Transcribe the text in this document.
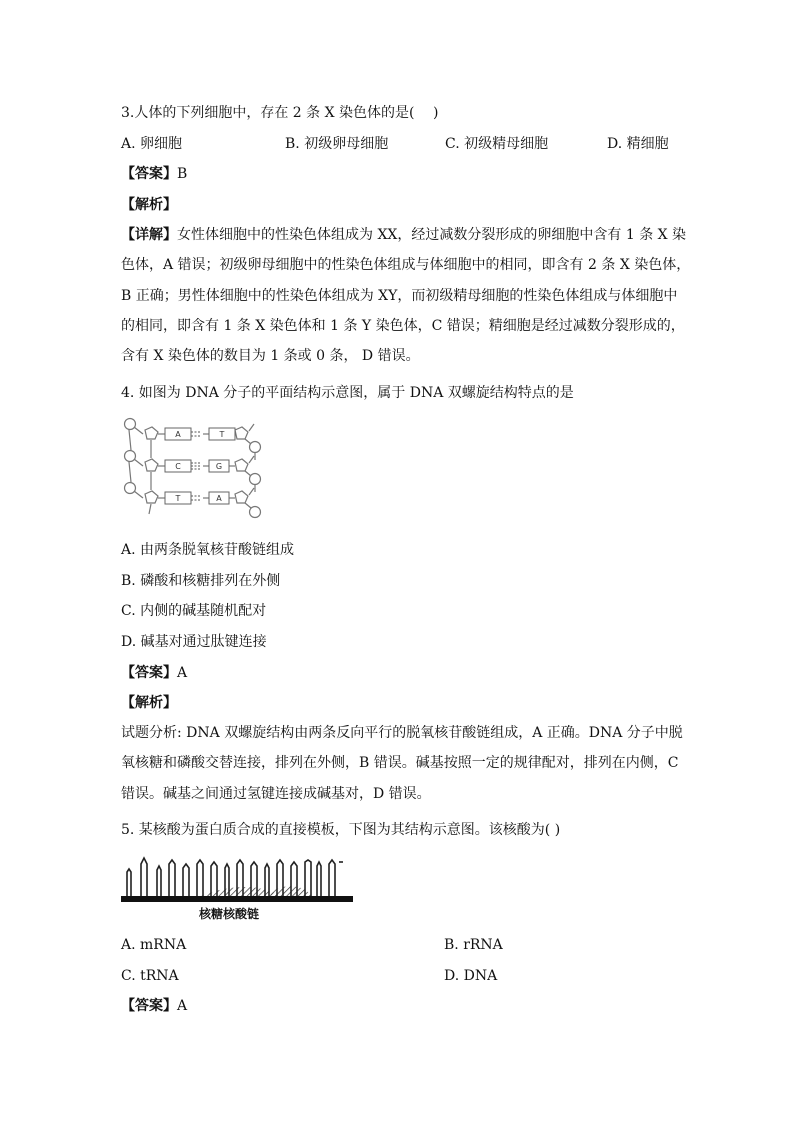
3.人体的下列细胞中，存在 2 条 X 染色体的是(　 )
A. 卵细胞	B. 初级卵母细胞	C. 初级精母细胞	D. 精细胞
【答案】B
【解析】
【详解】女性体细胞中的性染色体组成为 XX，经过减数分裂形成的卵细胞中含有 1 条 X 染
色体，A 错误；初级卵母细胞中的性染色体组成与体细胞中的相同，即含有 2 条 X 染色体，
B 正确；男性体细胞中的性染色体组成为 XY，而初级精母细胞的性染色体组成与体细胞中
的相同，即含有 1 条 X 染色体和 1 条 Y 染色体，C 错误；精细胞是经过减数分裂形成的，
含有 X 染色体的数目为 1 条或 0 条， D 错误。
4. 如图为 DNA 分子的平面结构示意图，属于 DNA 双螺旋结构特点的是
A	T
C	G
T	A
A. 由两条脱氧核苷酸链组成
B. 磷酸和核糖排列在外侧
C. 内侧的碱基随机配对
D. 碱基对通过肽键连接
【答案】A
【解析】
试题分析: DNA 双螺旋结构由两条反向平行的脱氧核苷酸链组成，A 正确。DNA 分子中脱
氧核糖和磷酸交替连接，排列在外侧，B 错误。碱基按照一定的规律配对，排列在内侧，C
错误。碱基之间通过氢键连接成碱基对，D 错误。
5. 某核酸为蛋白质合成的直接模板，下图为其结构示意图。该核酸为( )
核糖核酸链
A. mRNA	B. rRNA
C. tRNA	D. DNA
【答案】A
